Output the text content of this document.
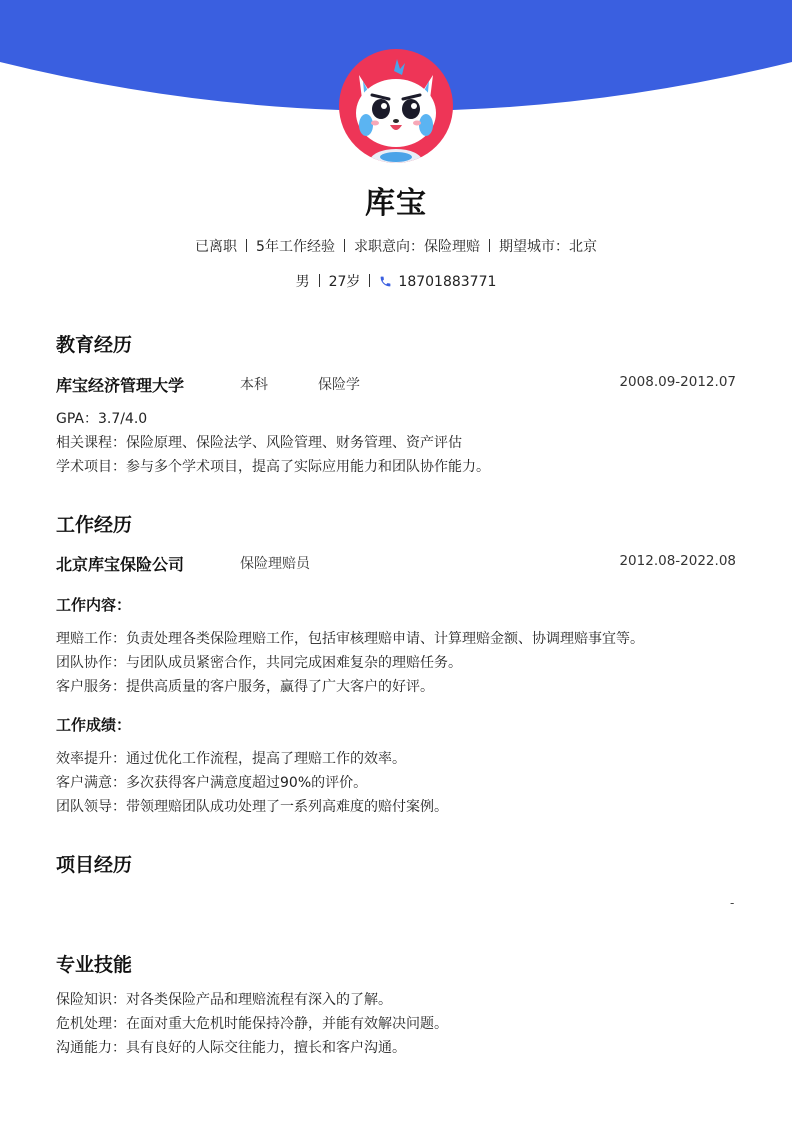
库宝
已离职 5年工作经验 求职意向：保险理赔 期望城市：北京
男 27岁	18701883771
教育经历
库宝经济管理大学	本科	保险学	2008.09-2012.07
GPA：3.7/4.0
相关课程：保险原理、保险法学、风险管理、财务管理、资产评估
学术项目：参与多个学术项目，提高了实际应用能力和团队协作能力。
工作经历
北京库宝保险公司	保险理赔员	2012.08-2022.08
工作内容：
理赔工作：负责处理各类保险理赔工作，包括审核理赔申请、计算理赔金额、协调理赔事宜等。
团队协作：与团队成员紧密合作，共同完成困难复杂的理赔任务。
客户服务：提供高质量的客户服务，赢得了广大客户的好评。
工作成绩：
效率提升：通过优化工作流程，提高了理赔工作的效率。
客户满意：多次获得客户满意度超过90%的评价。
团队领导：带领理赔团队成功处理了一系列高难度的赔付案例。
项目经历
-
专业技能
保险知识：对各类保险产品和理赔流程有深入的了解。
危机处理：在面对重大危机时能保持冷静，并能有效解决问题。
沟通能力：具有良好的人际交往能力，擅长和客户沟通。
